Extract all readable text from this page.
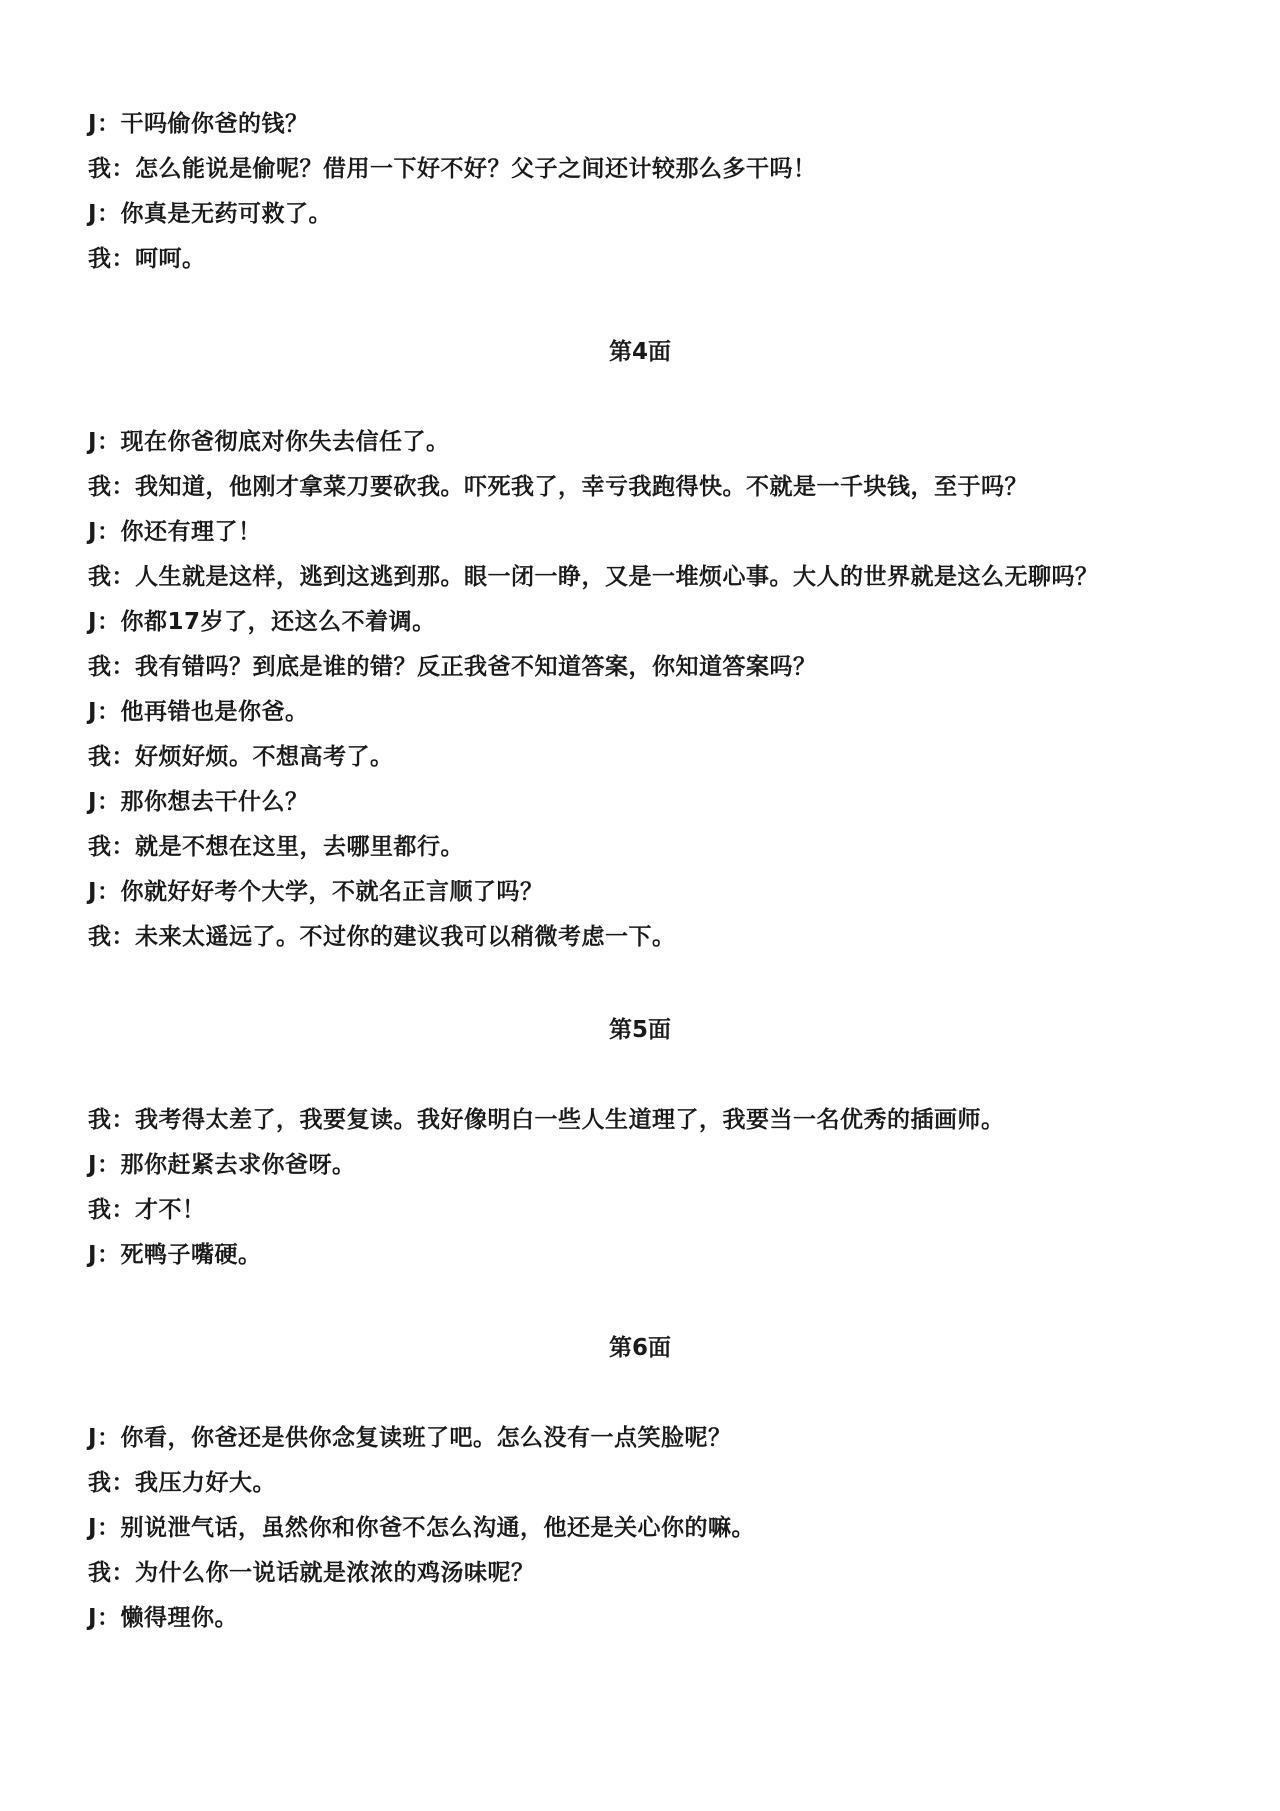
J：干吗偷你爸的钱？
我：怎么能说是偷呢？借用一下好不好？父子之间还计较那么多干吗！
J：你真是无药可救了。
我：呵呵。
第4面
J：现在你爸彻底对你失去信任了。
我：我知道，他刚才拿菜刀要砍我。吓死我了，幸亏我跑得快。不就是一千块钱，至于吗？
J：你还有理了！
我：人生就是这样，逃到这逃到那。眼一闭一睁，又是一堆烦心事。大人的世界就是这么无聊吗？
J：你都17岁了，还这么不着调。
我：我有错吗？到底是谁的错？反正我爸不知道答案，你知道答案吗？
J：他再错也是你爸。
我：好烦好烦。不想高考了。
J：那你想去干什么？
我：就是不想在这里，去哪里都行。
J：你就好好考个大学，不就名正言顺了吗？
我：未来太遥远了。不过你的建议我可以稍微考虑一下。
第5面
我：我考得太差了，我要复读。我好像明白一些人生道理了，我要当一名优秀的插画师。
J：那你赶紧去求你爸呀。
我：才不！
J：死鸭子嘴硬。
第6面
J：你看，你爸还是供你念复读班了吧。怎么没有一点笑脸呢？
我：我压力好大。
J：别说泄气话，虽然你和你爸不怎么沟通，他还是关心你的嘛。
我：为什么你一说话就是浓浓的鸡汤味呢？
J：懒得理你。
